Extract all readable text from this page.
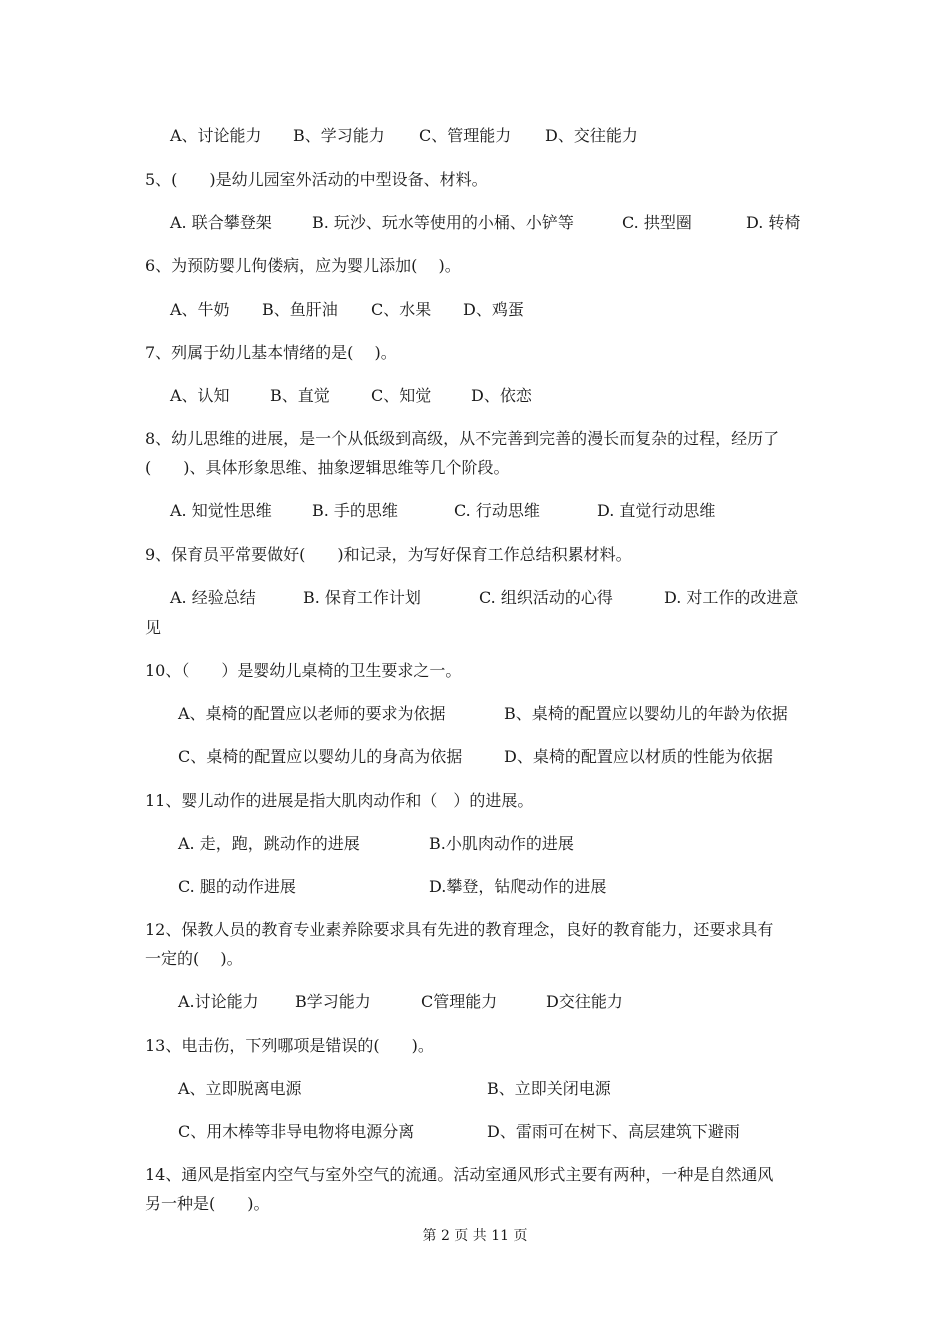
A、讨论能力 B、学习能力 C、管理能力 D、交往能力
5、(　　)是幼儿园室外活动的中型设备、材料。
A. 联合攀登架	B. 玩沙、玩水等使用的小桶、小铲等	C. 拱型圈	D. 转椅
6、为预防婴儿佝偻病，应为婴儿添加(　 )。
A、牛奶 B、鱼肝油 C、水果 D、鸡蛋
7、列属于幼儿基本情绪的是(　 )。
A、认知	B、直觉	C、知觉 D、依恋
8、幼儿思维的进展，是一个从低级到高级，从不完善到完善的漫长而复杂的过程，经历了
(　　)、具体形象思维、抽象逻辑思维等几个阶段。
A. 知觉性思维	B. 手的思维	C. 行动思维	D. 直觉行动思维
9、保育员平常要做好(　　)和记录，为写好保育工作总结积累材料。
A. 经验总结	B. 保育工作计划	C. 组织活动的心得	D. 对工作的改进意
见
10、（　　）是婴幼儿桌椅的卫生要求之一。
A、桌椅的配置应以老师的要求为依据	B、桌椅的配置应以婴幼儿的年龄为依据
C、桌椅的配置应以婴幼儿的身高为依据	D、桌椅的配置应以材质的性能为依据
11、婴儿动作的进展是指大肌肉动作和（　）的进展。
A. 走，跑，跳动作的进展	B.小肌肉动作的进展
C. 腿的动作进展	D.攀登，钻爬动作的进展
12、保教人员的教育专业素养除要求具有先进的教育理念，良好的教育能力，还要求具有
一定的(　 )。
A.讨论能力 B学习能力	C管理能力	D交往能力
13、电击伤，下列哪项是错误的(　　)。
A、立即脱离电源	B、立即关闭电源
C、用木棒等非导电物将电源分离	D、雷雨可在树下、高层建筑下避雨
14、通风是指室内空气与室外空气的流通。活动室通风形式主要有两种，一种是自然通风
另一种是(　　)。
第 2 页 共 11 页
